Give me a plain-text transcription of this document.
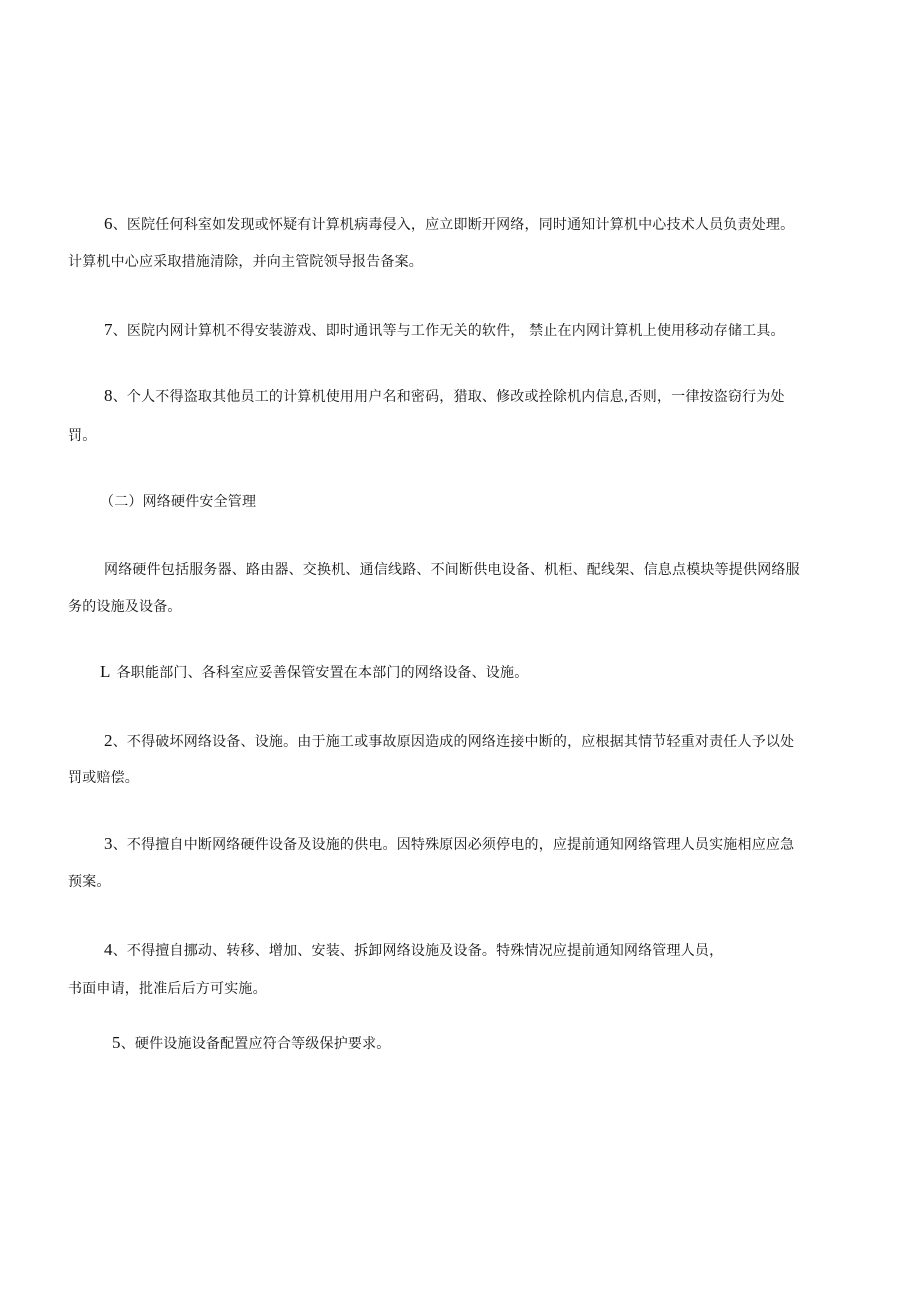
6、医院任何科室如发现或怀疑有计算机病毒侵入，应立即断开网络，同时通知计算机中心技术人员负责处理。
计算机中心应采取措施清除，并向主管院领导报告备案。
7、医院内网计算机不得安装游戏、即时通讯等与工作无关的软件， 禁止在内网计算机上使用移动存储工具。
8、个人不得盗取其他员工的计算机使用用户名和密码，猎取、修改或拴除机内信息,否则，一律按盗窃行为处
罚。
（二）网络硬件安全管理
网络硬件包括服务器、路由器、交换机、通信线路、不间断供电设备、机柜、配线架、信息点模块等提供网络服
务的设施及设备。
L 各职能部门、各科室应妥善保管安置在本部门的网络设备、设施。
2、不得破坏网络设备、设施。由于施工或事故原因造成的网络连接中断的，应根据其情节轻重对责任人予以处
罚或赔偿。
3、不得擅自中断网络硬件设备及设施的供电。因特殊原因必须停电的，应提前通知网络管理人员实施相应应急
预案。
4、不得擅自挪动、转移、增加、安装、拆卸网络设施及设备。特殊情况应提前通知网络管理人员，
书面申请，批准后后方可实施。
5、硬件设施设备配置应符合等级保护要求。
